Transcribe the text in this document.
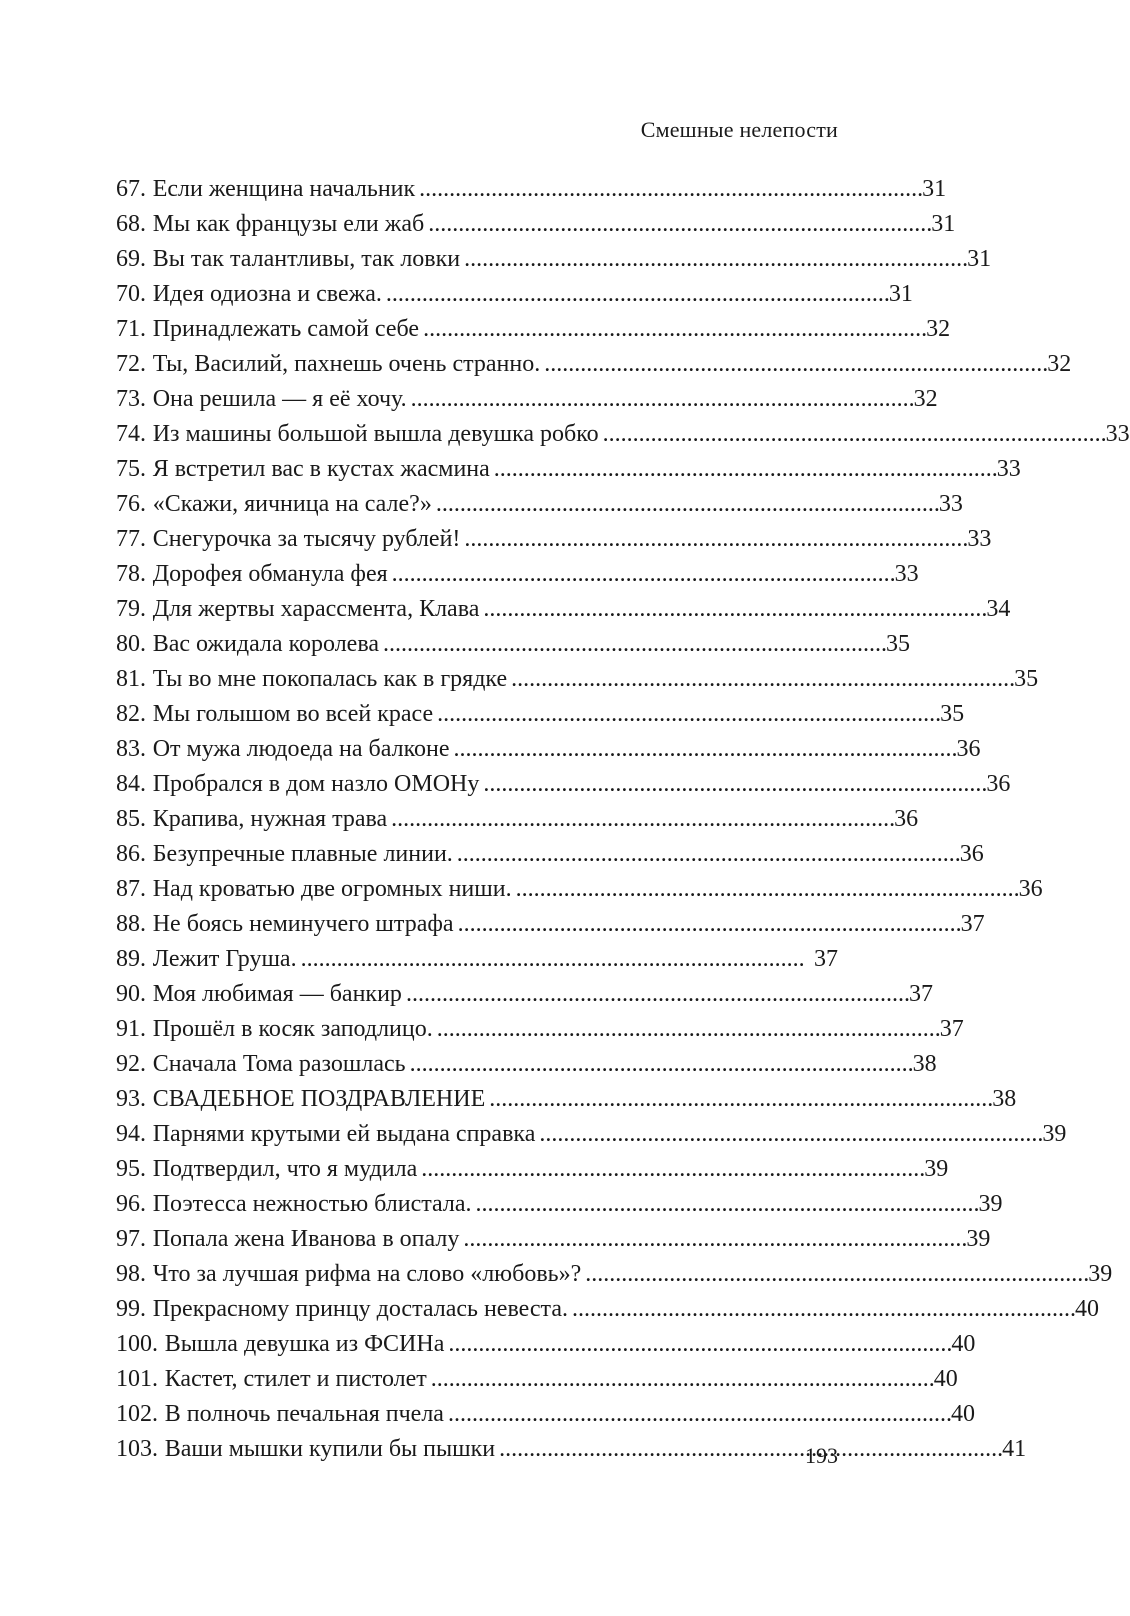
Смешные нелепости
67. Если женщина начальник . . .	31
68. Мы как французы ели жаб . . .	31
69. Вы так талантливы, так ловки . . .	31
70. Идея одиозна и свежа. . . .	31
71. Принадлежать самой себе . . .	32
72. Ты, Василий, пахнешь очень странно. . . .	32
73. Она решила — я её хочу. . . .	32
74. Из машины большой вышла девушка робко . . .	33
75. Я встретил вас в кустах жасмина . . .	33
76. «Скажи, яичница на сале?» . . .	33
77. Снегурочка за тысячу рублей! . . .	33
78. Дорофея обманула фея . . .	33
79. Для жертвы харассмента, Клава . . .	34
80. Вас ожидала королева . . .	35
81. Ты во мне покопалась как в грядке . . .	35
82. Мы голышом во всей красе . . .	35
83. От мужа людоеда на балконе . . .	36
84. Пробрался в дом назло ОМОНу . . .	36
85. Крапива, нужная трава . . .	36
86. Безупречные плавные линии. . . .	36
87. Над кроватью две огромных ниши. . . .	36
88. Не боясь неминучего штрафа . . .	37
89. Лежит Груша. . . .	37
90. Моя любимая — банкир . . .	37
91. Прошёл в косяк заподлицо. . . .	37
92. Сначала Тома разошлась . . .	38
93. СВАДЕБНОЕ ПОЗДРАВЛЕНИЕ . . .	38
94. Парнями крутыми ей выдана справка . . .	39
95. Подтвердил, что я мудила . . .	39
96. Поэтесса нежностью блистала. . . .	39
97. Попала жена Иванова в опалу . . .	39
98. Что за лучшая рифма на слово «любовь»? . . .	39
99. Прекрасному принцу досталась невеста. . . .	40
100. Вышла девушка из ФСИНа . . .	40
101. Кастет, стилет и пистолет . . .	40
102. В полночь печальная пчела . . .	40
103. Ваши мышки купили бы пышки . . .	41
193
